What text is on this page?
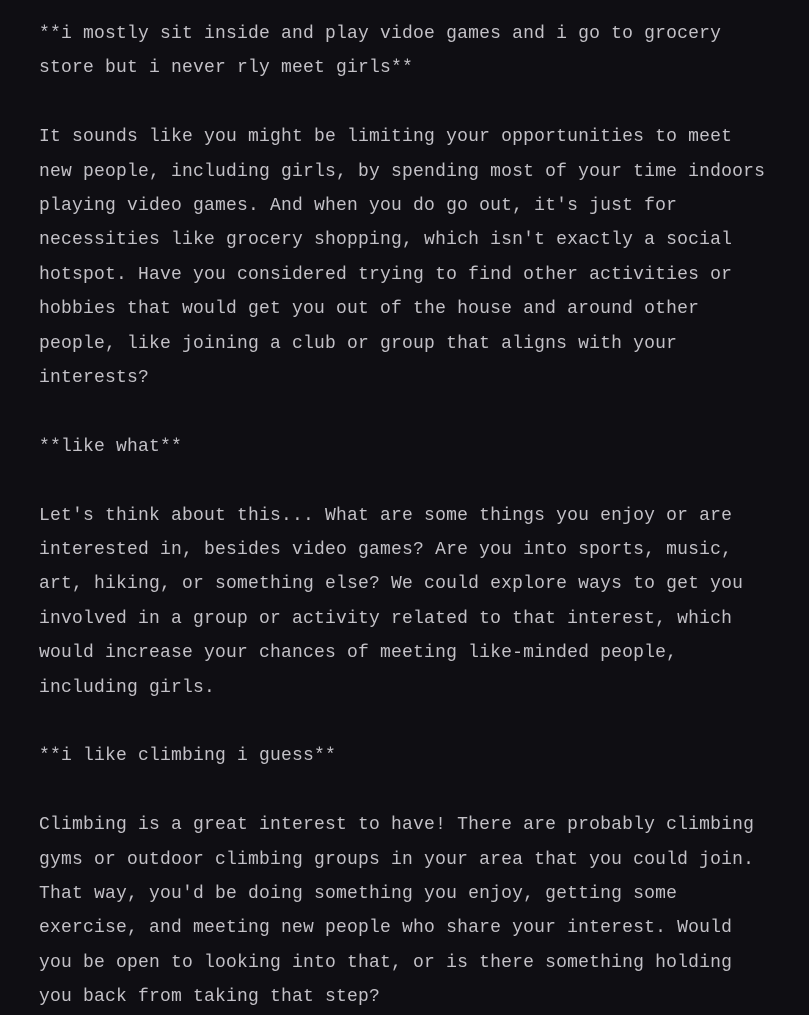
**i mostly sit inside and play vidoe games and i go to grocery store but i never rly meet girls**

It sounds like you might be limiting your opportunities to meet new people, including girls, by spending most of your time indoors playing video games. And when you do go out, it's just for necessities like grocery shopping, which isn't exactly a social hotspot. Have you considered trying to find other activities or hobbies that would get you out of the house and around other people, like joining a club or group that aligns with your interests?

**like what**

Let's think about this... What are some things you enjoy or are interested in, besides video games? Are you into sports, music, art, hiking, or something else? We could explore ways to get you involved in a group or activity related to that interest, which would increase your chances of meeting like-minded people, including girls.

**i like climbing i guess**

Climbing is a great interest to have! There are probably climbing gyms or outdoor climbing groups in your area that you could join. That way, you'd be doing something you enjoy, getting some exercise, and meeting new people who share your interest. Would you be open to looking into that, or is there something holding you back from taking that step?
